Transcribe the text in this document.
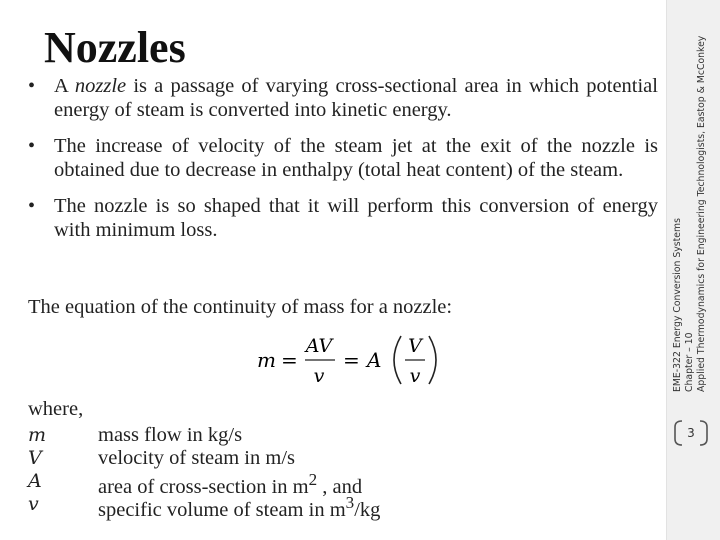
Nozzles
• A nozzle is a passage of varying cross-sectional area in which potential energy of steam is converted into kinetic energy.
• The increase of velocity of the steam jet at the exit of the nozzle is obtained due to decrease in enthalpy (total heat content) of the steam.
• The nozzle is so shaped that it will perform this conversion of energy with minimum loss.
The equation of the continuity of mass for a nozzle:
m =
AV
v
= A
V
v
where,
m	mass flow in kg/s
V	velocity of steam in m/s
A	area of cross-section in $m^2$ , and
v	specific volume of steam in $m^3/kg$
EME-322 Energy Conversion Systems Chapter – 10 Applied Thermodynamics for Engineering Technologists, Eastop & McConkey
3
